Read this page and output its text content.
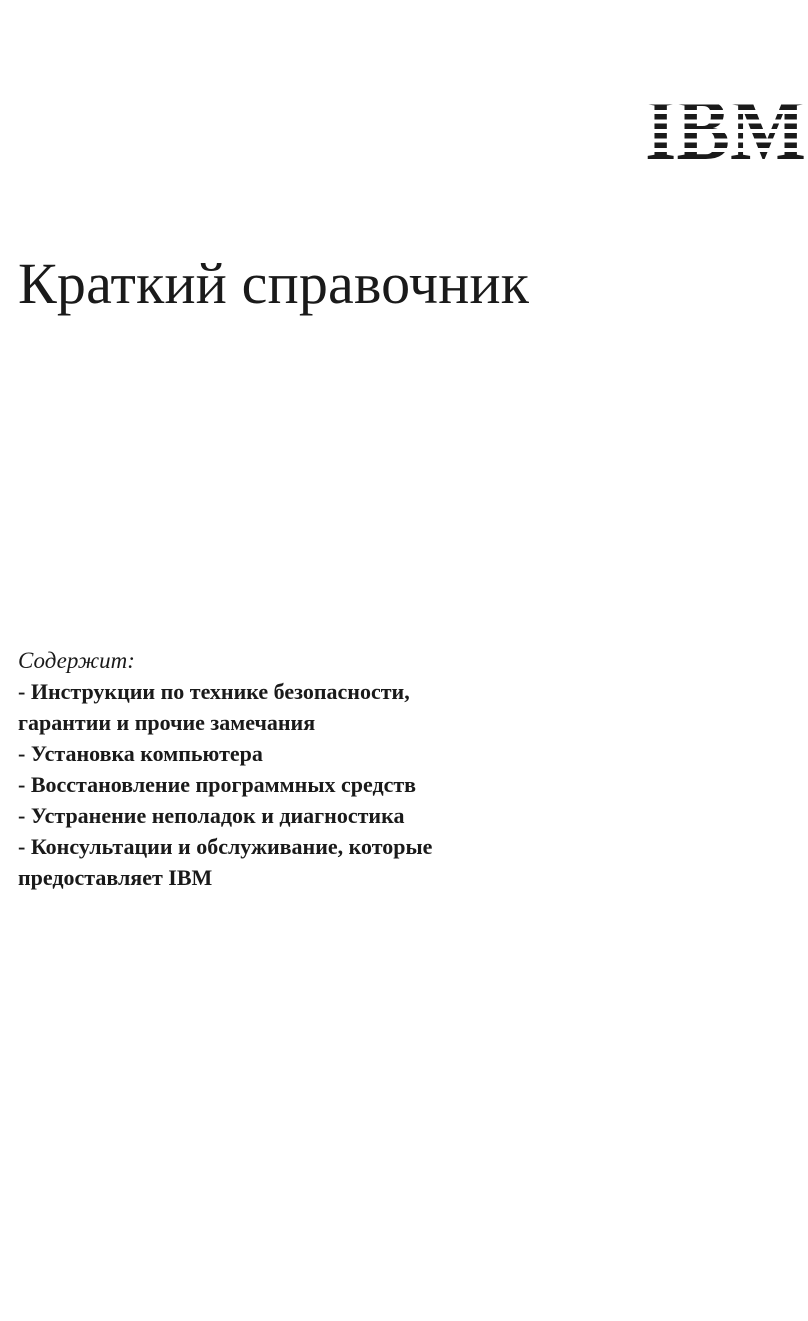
Краткий справочник

Содержит:

- Инструкции по технике безопасности,
гарантии и прочие замечания
- Установка компьютера
- Восстановление программных средств
- Устранение неполадок и диагностика
- Консультации и обслуживание, которые
предоставляет IBM
